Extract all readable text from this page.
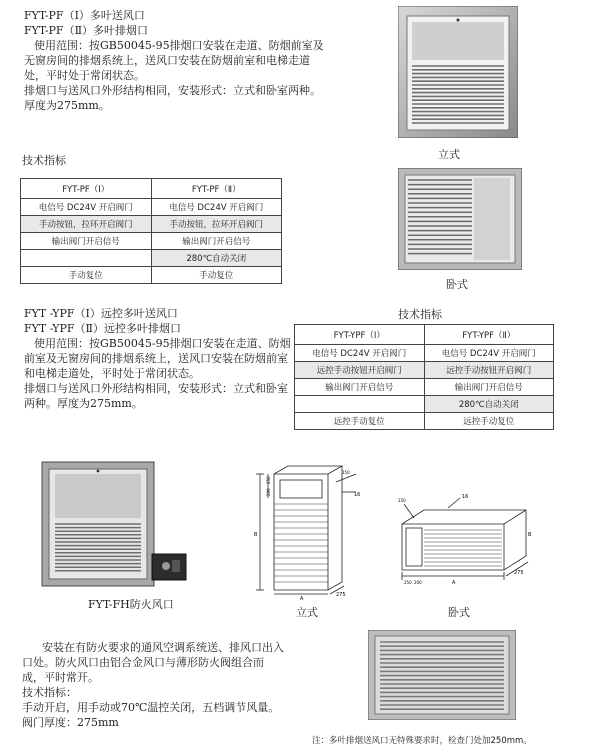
FYT-PF（Ⅰ）多叶送风口

FYT-PF（Ⅱ）多叶排烟口

使用范围：按GB50045-95排烟口安装在走道、防烟前室及无窗房间的排烟系统上，送风口安装在防烟前室和电梯走道处，平时处于常闭状态。

排烟口与送风口外形结构相同，安装形式：立式和卧室两种。厚度为275mm。

技术指标
FYT-PF（Ⅰ）	FYT-PF（Ⅱ）
电信号 DC24V 开启阀门	电信号 DC24V 开启阀门
手动按钮，拉环开启阀门	手动按钮，拉环开启阀门
输出阀门开启信号	输出阀门开启信号
	280℃自动关闭
手动复位	手动复位
立式
卧式

FYT -YPF（Ⅰ）远控多叶送风口

FYT -YPF（Ⅱ）远控多叶排烟口

使用范围：按GB50045-95排烟口安装在走道、防烟前室及无窗房间的排烟系统上，送风口安装在防烟前室和电梯走道处，平时处于常闭状态。

排烟口与送风口外形结构相同，安装形式：立式和卧室两种。厚度为275mm。

技术指标
FYT-YPF（Ⅰ）	FYT-YPF（Ⅱ）
电信号 DC24V 开启阀门	电信号 DC24V 开启阀门
远控手动按钮开启阀门	远控手动按钮开启阀门
输出阀门开启信号	输出阀门开启信号
	280℃自动关闭
远控手动复位	远控手动复位
FYT-FH防火风口
250
200
B
A
275
16
150
立式
150
16
250 200	A
B
275
卧式

安装在有防火要求的通风空调系统送、排风口出入口处。防火风口由铝合金风口与薄形防火阀组合而成，平时常开。

技术指标：

手动开启，用手动或70℃温控关闭，五档调节风量。

阀门厚度：275mm

注：多叶排烟送风口无特殊要求时，检查门处加250mm。
